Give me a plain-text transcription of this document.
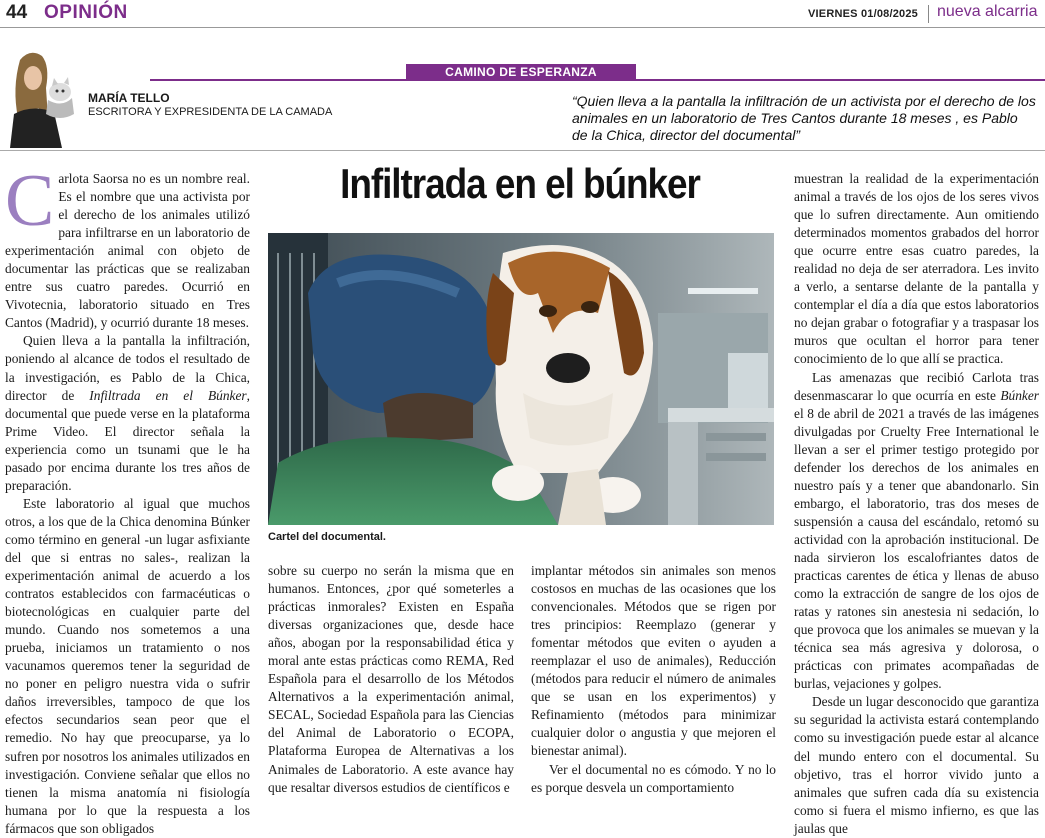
44 OPINIÓN	VIERNES 01/08/2025 nueva alcarria
CAMINO DE ESPERANZA
MARÍA TELLO
ESCRITORA Y EXPRESIDENTA DE LA CAMADA
“Quien lleva a la pantalla la infiltración de un activista por el derecho de los animales en un laboratorio de Tres Cantos durante 18 meses , es Pablo de la Chica, director del documental”
Infiltrada en el búnker
Cartel del documental.

Carlota Saorsa no es un nombre real. Es el nombre que una activista por el derecho de los animales utilizó para infiltrarse en un laboratorio de experimentación animal con objeto de documentar las prácticas que se realizaban entre sus cuatro paredes. Ocurrió en Vivotecnia, laboratorio situado en Tres Cantos (Madrid), y ocurrió durante 18 meses.

Quien lleva a la pantalla la infiltración, poniendo al alcance de todos el resultado de la investigación, es Pablo de la Chica, director de Infiltrada en el Búnker, documental que puede verse en la plataforma Prime Video. El director señala la experiencia como un tsunami que le ha pasado por encima durante los tres años de preparación.

Este laboratorio al igual que muchos otros, a los que de la Chica denomina Búnker como término en general -un lugar asfixiante del que si entras no sales-, realizan la experimentación animal de acuerdo a los contratos establecidos con farmacéuticas o biotecnológicas en cualquier parte del mundo. Cuando nos sometemos a una prueba, iniciamos un tratamiento o nos vacunamos queremos tener la seguridad de no poner en peligro nuestra vida o sufrir daños irreversibles, tampoco de que los efectos secundarios sean peor que el remedio. No hay que preocuparse, ya lo sufren por nosotros los animales utilizados en investigación. Conviene señalar que ellos no tienen la misma anatomía ni fisiología humana por lo que la respuesta a los fármacos que son obligados

sobre su cuerpo no serán la misma que en humanos. Entonces, ¿por qué someterles a prácticas inmorales? Existen en España diversas organizaciones que, desde hace años, abogan por la responsabilidad ética y moral ante estas prácticas como REMA, Red Española para el desarrollo de los Métodos Alternativos a la experimentación animal, SECAL, Sociedad Española para las Ciencias del Animal de Laboratorio o ECOPA, Plataforma Europea de Alternativas a los Animales de Laboratorio. A este avance hay que resaltar diversos estudios de científicos e

implantar métodos sin animales son menos costosos en muchas de las ocasiones que los convencionales. Métodos que se rigen por tres principios: Reemplazo (generar y fomentar métodos que eviten o ayuden a reemplazar el uso de animales), Reducción (métodos para reducir el número de animales que se usan en los experimentos) y Refinamiento (métodos para minimizar cualquier dolor o angustia y que mejoren el bienestar animal).

Ver el documental no es cómodo. Y no lo es porque desvela un comportamiento

muestran la realidad de la experimentación animal a través de los ojos de los seres vivos que lo sufren directamente. Aun omitiendo determinados momentos grabados del horror que ocurre entre esas cuatro paredes, la realidad no deja de ser aterradora. Les invito a verlo, a sentarse delante de la pantalla y contemplar el día a día que estos laboratorios no dejan grabar o fotografiar y a traspasar los muros que ocultan el horror para tener conocimiento de lo que allí se practica.

Las amenazas que recibió Carlota tras desenmascarar lo que ocurría en este Búnker el 8 de abril de 2021 a través de las imágenes divulgadas por Cruelty Free International le llevan a ser el primer testigo protegido por defender los derechos de los animales en nuestro país y a tener que abandonarlo. Sin embargo, el laboratorio, tras dos meses de suspensión a causa del escándalo, retomó su actividad con la aprobación institucional. De nada sirvieron los escalofriantes datos de practicas carentes de ética y llenas de abuso como la extracción de sangre de los ojos de ratas y ratones sin anestesia ni sedación, lo que provoca que los animales se muevan y la técnica sea más agresiva y dolorosa, o prácticas con primates acompañadas de burlas, vejaciones y golpes.

Desde un lugar desconocido que garantiza su seguridad la activista estará contemplando como su investigación puede estar al alcance del mundo entero con el documental. Su objetivo, tras el horror vivido junto a animales que sufren cada día su existencia como si fuera el mismo infierno, es que las jaulas que
